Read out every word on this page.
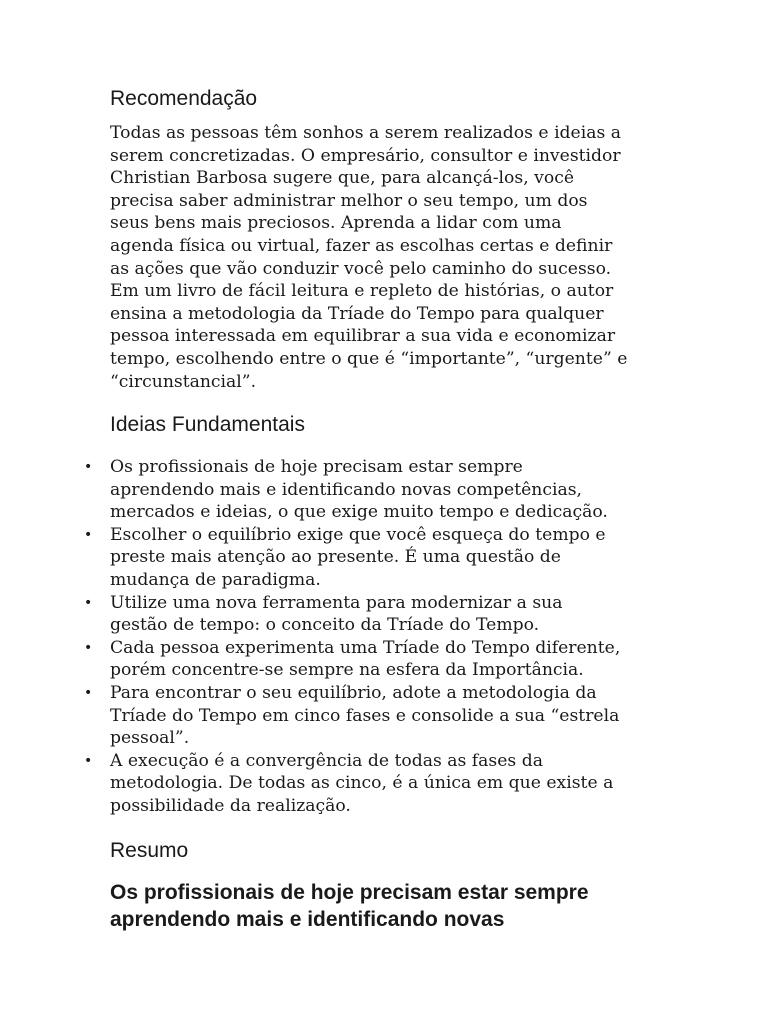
Recomendação

Todas as pessoas têm sonhos a serem realizados e ideias a
serem concretizadas. O empresário, consultor e investidor
Christian Barbosa sugere que, para alcançá-los, você
precisa saber administrar melhor o seu tempo, um dos
seus bens mais preciosos. Aprenda a lidar com uma
agenda física ou virtual, fazer as escolhas certas e definir
as ações que vão conduzir você pelo caminho do sucesso.
Em um livro de fácil leitura e repleto de histórias, o autor
ensina a metodologia da Tríade do Tempo para qualquer
pessoa interessada em equilibrar a sua vida e economizar
tempo, escolhendo entre o que é “importante”, “urgente” e
“circunstancial”.

Ideias Fundamentais
• Os profissionais de hoje precisam estar sempre
aprendendo mais e identificando novas competências,
mercados e ideias, o que exige muito tempo e dedicação.
• Escolher o equilíbrio exige que você esqueça do tempo e
preste mais atenção ao presente. É uma questão de
mudança de paradigma.
• Utilize uma nova ferramenta para modernizar a sua
gestão de tempo: o conceito da Tríade do Tempo.
• Cada pessoa experimenta uma Tríade do Tempo diferente,
porém concentre-se sempre na esfera da Importância.
• Para encontrar o seu equilíbrio, adote a metodologia da
Tríade do Tempo em cinco fases e consolide a sua “estrela
pessoal”.
• A execução é a convergência de todas as fases da
metodologia. De todas as cinco, é a única em que existe a
possibilidade da realização.
Resumo
Os profissionais de hoje precisam estar sempre aprendendo mais e identificando novas
